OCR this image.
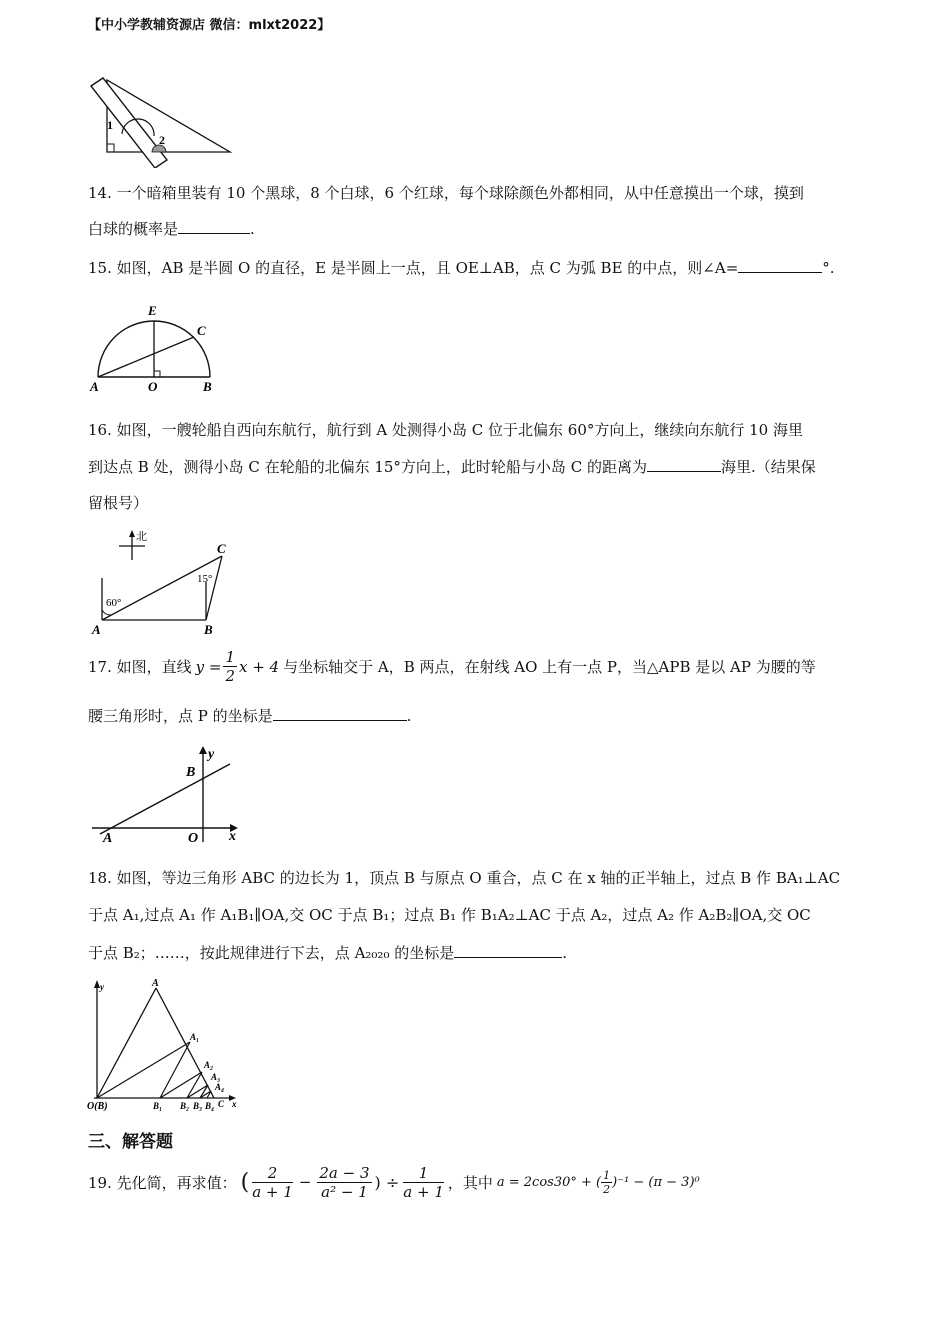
【中小学教辅资源店 微信：mlxt2022】
1
2
14. 一个暗箱里装有 10 个黑球，8 个白球，6 个红球，每个球除颜色外都相同，从中任意摸出一个球，摸到
白球的概率是	.
15. 如图，AB 是半圆 O 的直径，E 是半圆上一点，且 OE⊥AB，点 C 为弧 BE 的中点，则∠A=	°.
E
C
A	O	B
16. 如图，一艘轮船自西向东航行，航行到 A 处测得小岛 C 位于北偏东 60°方向上，继续向东航行 10 海里
到达点 B 处，测得小岛 C 在轮船的北偏东 15°方向上，此时轮船与小岛 C 的距离为	海里.（结果保
留根号）
北
C
15°
60°
A	B
17. 如图，直线 $y = \frac{1}{2}$ x + 4 与坐标轴交于 A，B 两点，在射线 AO 上有一点 P，当△APB 是以 AP 为腰的等
腰三角形时，点 P 的坐标是	.
y
B
A	O x
18. 如图，等边三角形 ABC 的边长为 1，顶点 B 与原点 O 重合，点 C 在 x 轴的正半轴上，过点 B 作 BA₁⊥AC
于点 A₁,过点 A₁ 作 A₁B₁∥OA,交 OC 于点 B₁；过点 B₁ 作 B₁A₂⊥AC 于点 A₂，过点 A₂ 作 A₂B₂∥OA,交 OC
于点 B₂；……，按此规律进行下去，点 A₂₀₂₀ 的坐标是	.
y	A
A₁
A₂
A₃
A₄
O(B)	B₁ B₂ B₃ B₄ C x
三、解答题
19. 先化简，再求值： ( $\frac{2}{a + 1} - \frac{2a - 3}{\text{a² − 1}}$ ) ÷ $\frac{1}{a + 1}$ ，其中 a = 2cos30° + ( $\frac{1}{2} )^{-1} - (\pi - 3)^0$
